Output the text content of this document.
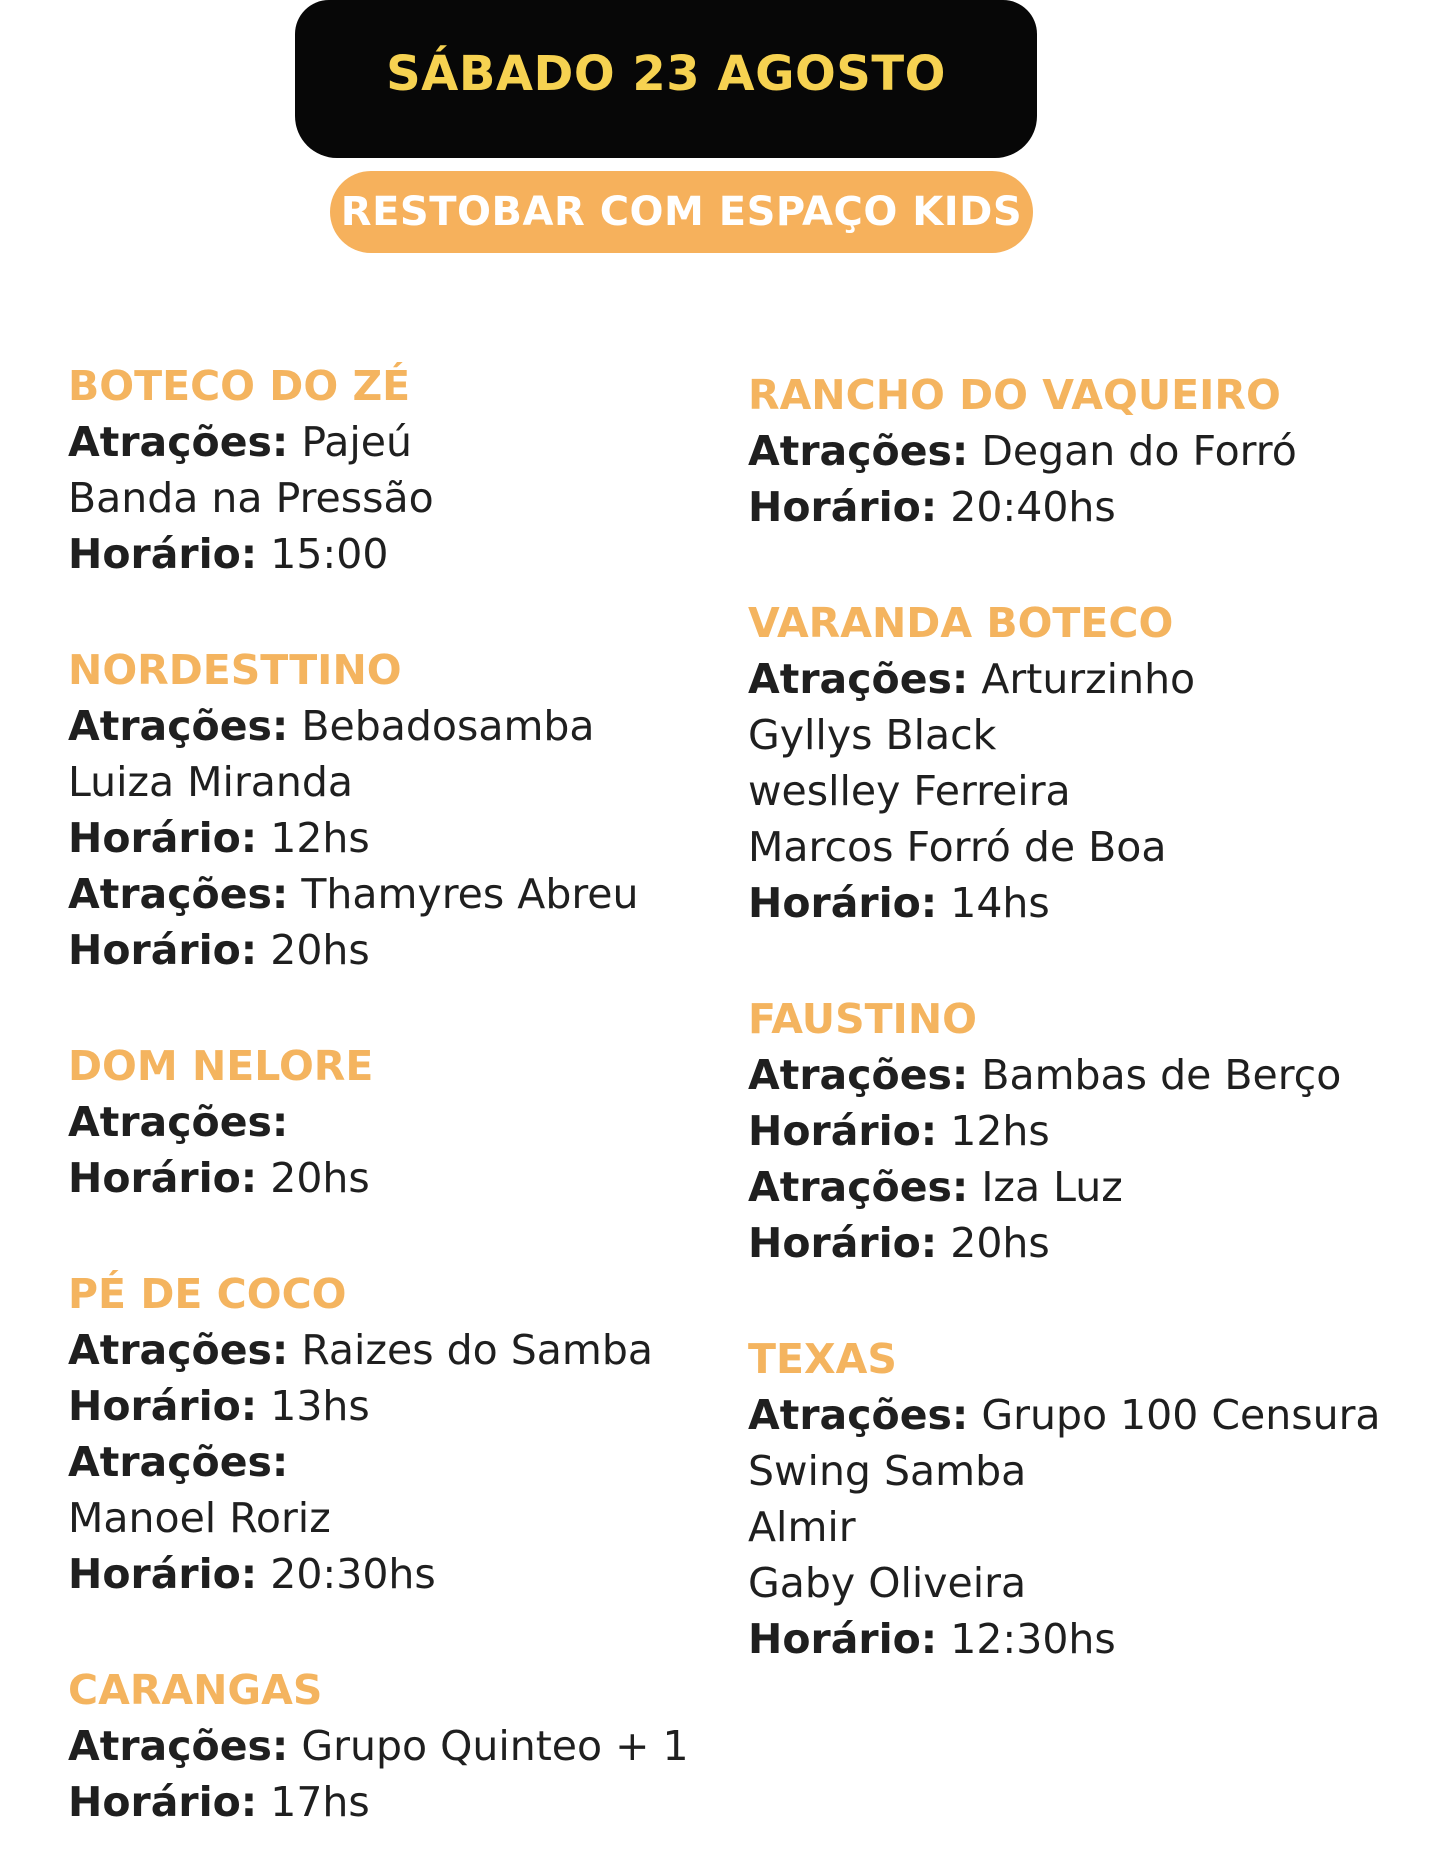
SÁBADO 23 AGOSTO
RESTOBAR COM ESPAÇO KIDS
BOTECO DO ZÉ

Atrações: Pajeú

Banda na Pressão

Horário: 15:00

NORDESTTINO

Atrações: Bebadosamba

Luiza Miranda

Horário: 12hs

Atrações: Thamyres Abreu

Horário: 20hs

DOM NELORE

Atrações:

Horário: 20hs

PÉ DE COCO

Atrações: Raizes do Samba

Horário: 13hs

Atrações:

Manoel Roriz

Horário: 20:30hs

CARANGAS

Atrações: Grupo Quinteo + 1

Horário: 17hs

RANCHO DO VAQUEIRO

Atrações: Degan do Forró

Horário: 20:40hs

VARANDA BOTECO

Atrações: Arturzinho

Gyllys Black

weslley Ferreira

Marcos Forró de Boa

Horário: 14hs

FAUSTINO

Atrações: Bambas de Berço

Horário: 12hs

Atrações: Iza Luz

Horário: 20hs

TEXAS

Atrações: Grupo 100 Censura

Swing Samba

Almir

Gaby Oliveira

Horário: 12:30hs
